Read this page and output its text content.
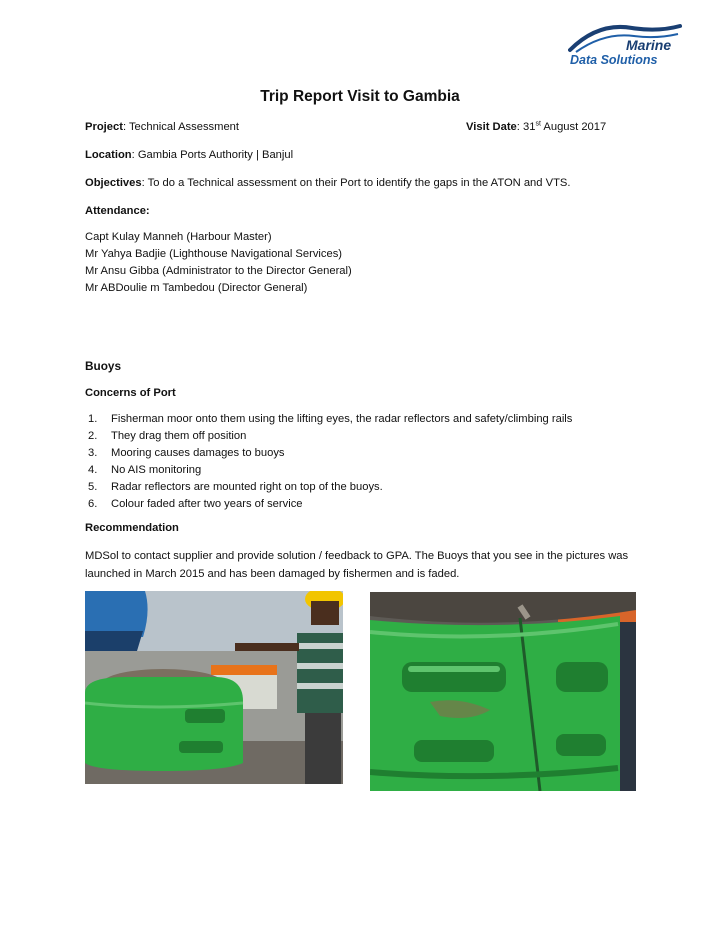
Marine
Data Solutions
Trip Report Visit to Gambia
Project: Technical Assessment	Visit Date: 31st August 2017
Location: Gambia Ports Authority | Banjul
Objectives: To do a Technical assessment on their Port to identify the gaps in the ATON and VTS.
Attendance:
Capt Kulay Manneh (Harbour Master)
Mr Yahya Badjie (Lighthouse Navigational Services)
Mr Ansu Gibba (Administrator to the Director General)
Mr ABDoulie m Tambedou (Director General)
Buoys
Concerns of Port
1. Fisherman moor onto them using the lifting eyes, the radar reflectors and safety/climbing rails
2. They drag them off position
3. Mooring causes damages to buoys
4. No AIS monitoring
5. Radar reflectors are mounted right on top of the buoys.
6. Colour faded after two years of service
Recommendation
MDSol to contact supplier and provide solution / feedback to GPA. The Buoys that you see in the pictures was launched in March 2015 and has been damaged by fishermen and is faded.
